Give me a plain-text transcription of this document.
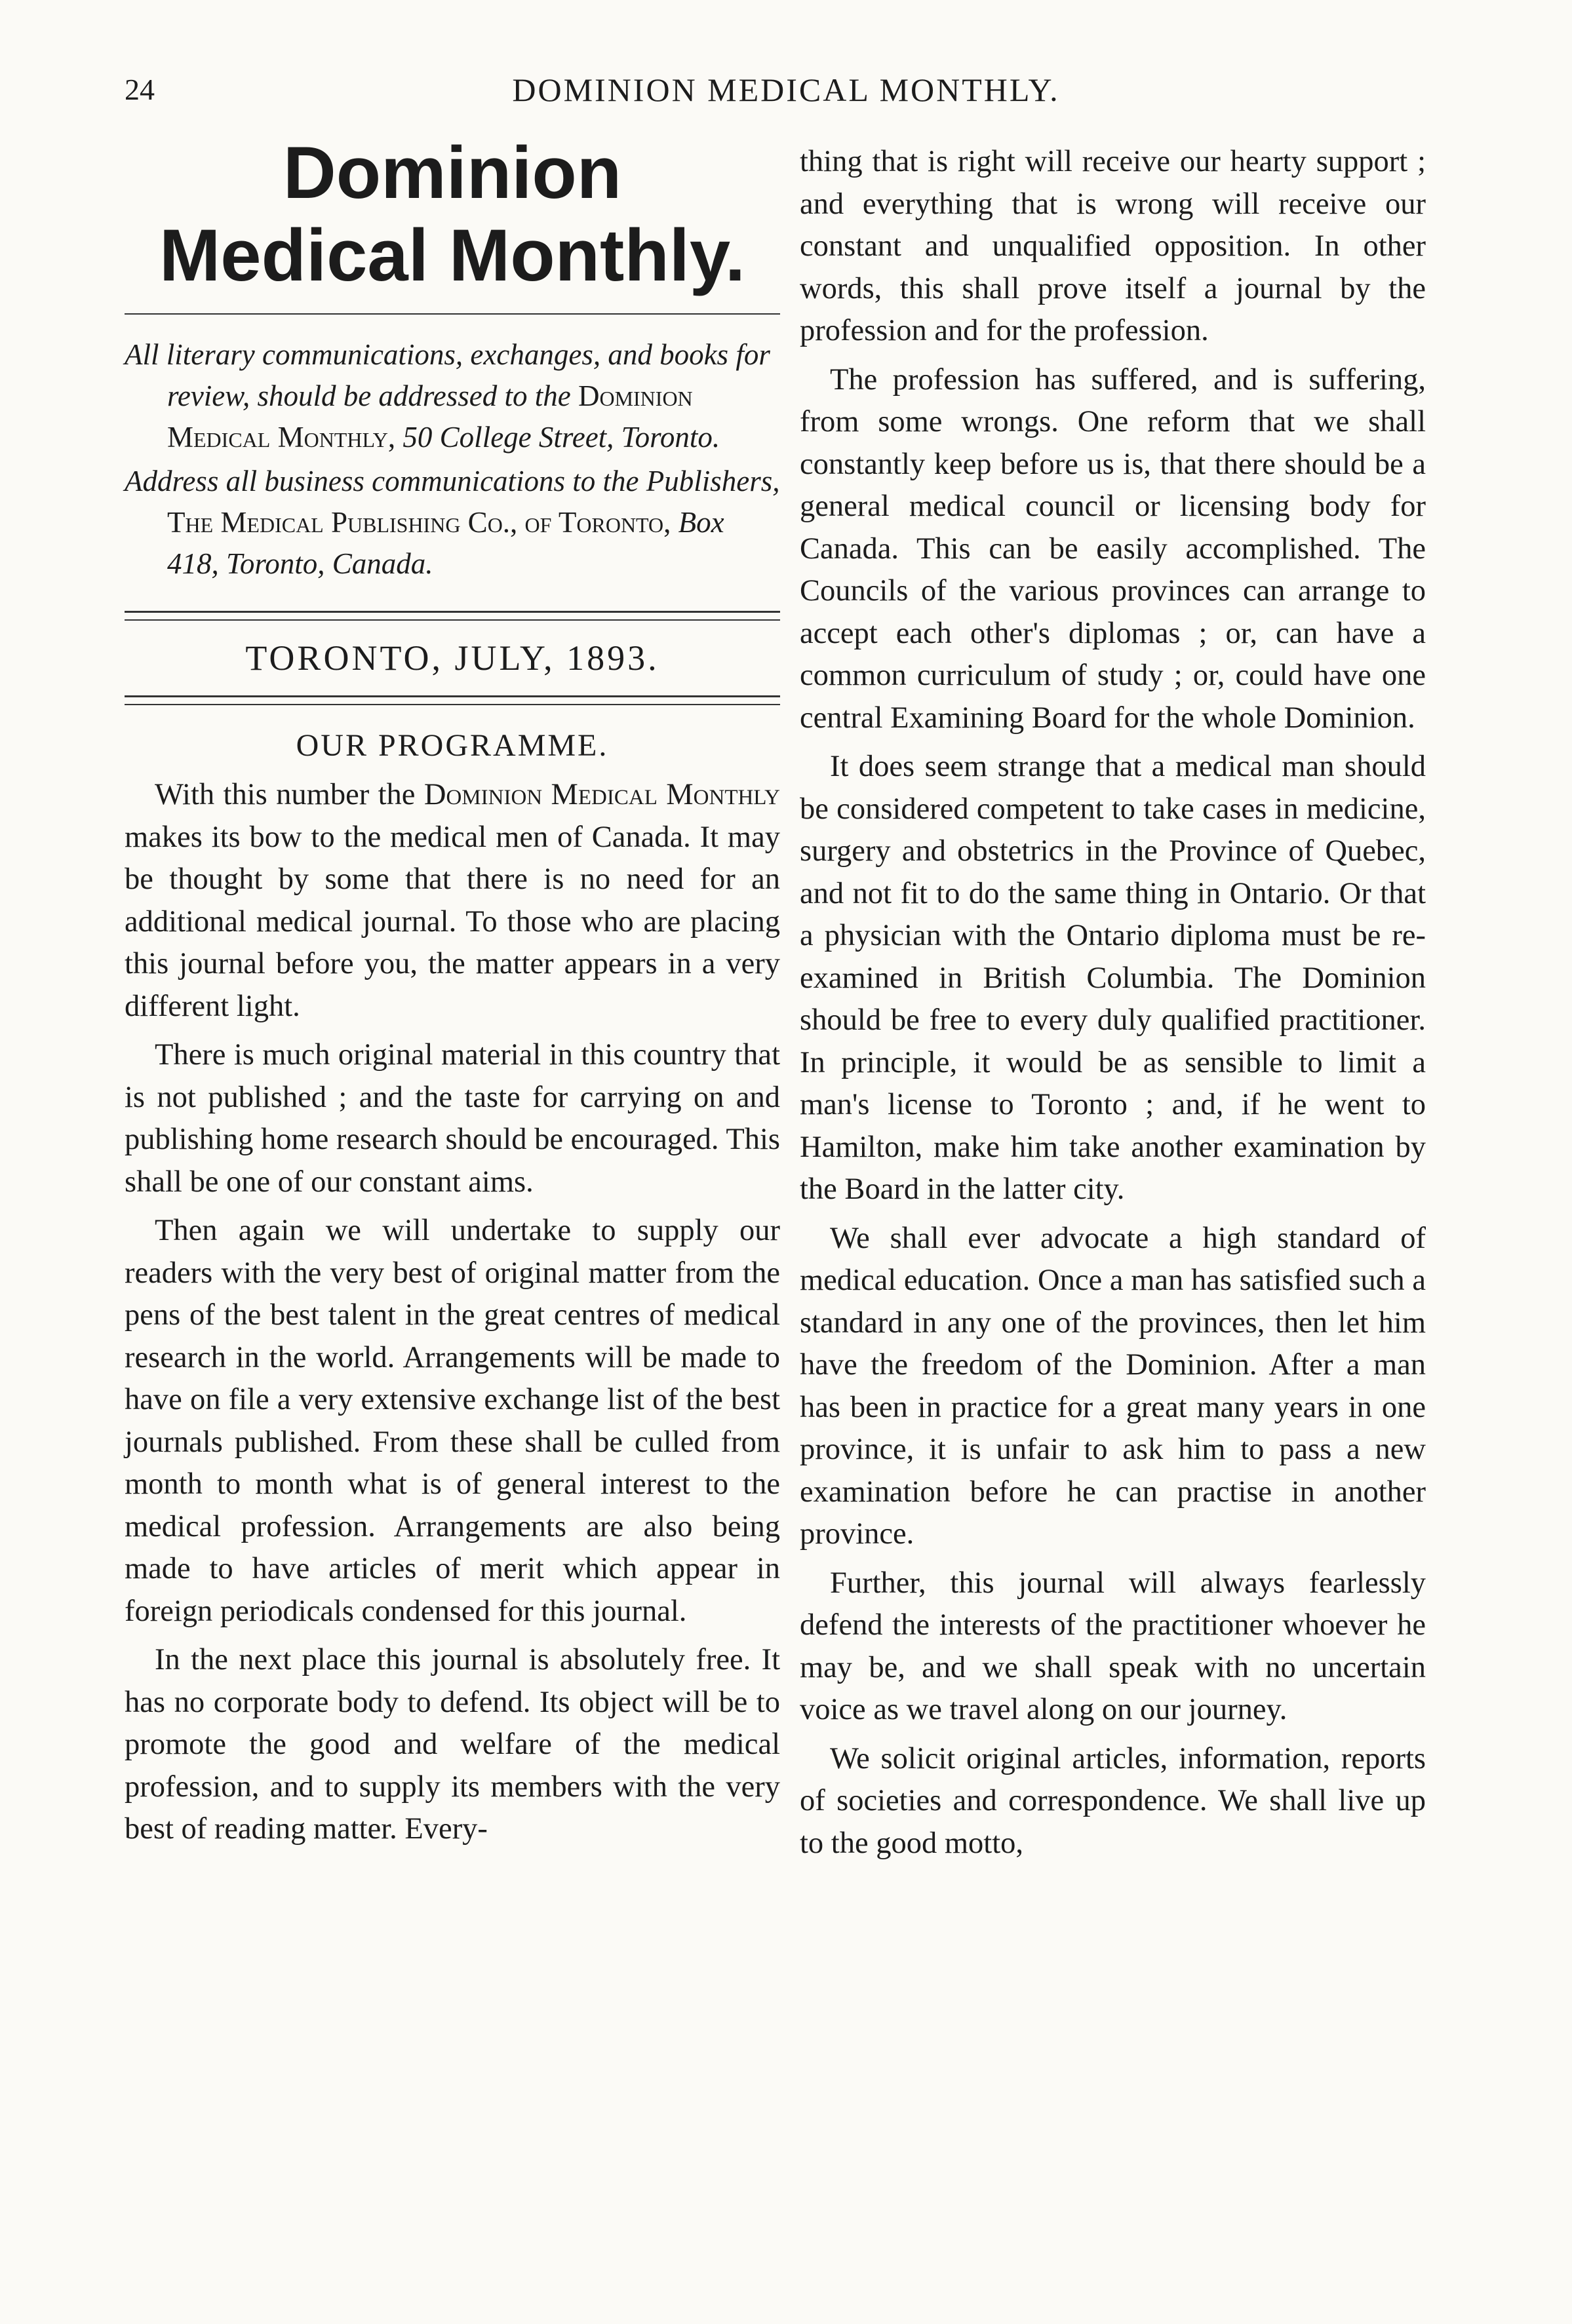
24	DOMINION MEDICAL MONTHLY.
Dominion
Medical Monthly.

All literary communications, exchanges, and books for review, should be addressed to the Dominion Medical Monthly, 50 College Street, Toronto.

Address all business communications to the Publishers, The Medical Publishing Co., of Toronto, Box 418, Toronto, Canada.

TORONTO, JULY, 1893.
OUR PROGRAMME.

With this number the Dominion Medical Monthly makes its bow to the medical men of Canada. It may be thought by some that there is no need for an additional medical journal. To those who are placing this journal before you, the matter appears in a very different light.

There is much original material in this country that is not published ; and the taste for carrying on and publishing home research should be encouraged. This shall be one of our constant aims.

Then again we will undertake to supply our readers with the very best of original matter from the pens of the best talent in the great centres of medical research in the world. Arrangements will be made to have on file a very extensive exchange list of the best journals published. From these shall be culled from month to month what is of general interest to the medical profession. Arrangements are also being made to have articles of merit which appear in foreign periodicals condensed for this journal.

In the next place this journal is absolutely free. It has no corporate body to defend. Its object will be to promote the good and welfare of the medical profession, and to supply its members with the very best of reading matter. Every-

thing that is right will receive our hearty support ; and everything that is wrong will receive our constant and unqualified opposition. In other words, this shall prove itself a journal by the profession and for the profession.

The profession has suffered, and is suffering, from some wrongs. One reform that we shall constantly keep before us is, that there should be a general medical council or licensing body for Canada. This can be easily accomplished. The Councils of the various provinces can arrange to accept each other's diplomas ; or, can have a common curriculum of study ; or, could have one central Examining Board for the whole Dominion.

It does seem strange that a medical man should be considered competent to take cases in medicine, surgery and obstetrics in the Province of Quebec, and not fit to do the same thing in Ontario. Or that a physician with the Ontario diploma must be re-examined in British Columbia. The Dominion should be free to every duly qualified practitioner. In principle, it would be as sensible to limit a man's license to Toronto ; and, if he went to Hamilton, make him take another examination by the Board in the latter city.

We shall ever advocate a high standard of medical education. Once a man has satisfied such a standard in any one of the provinces, then let him have the freedom of the Dominion. After a man has been in practice for a great many years in one province, it is unfair to ask him to pass a new examination before he can practise in another province.

Further, this journal will always fearlessly defend the interests of the practitioner whoever he may be, and we shall speak with no uncertain voice as we travel along on our journey.

We solicit original articles, information, reports of societies and correspondence. We shall live up to the good motto,
